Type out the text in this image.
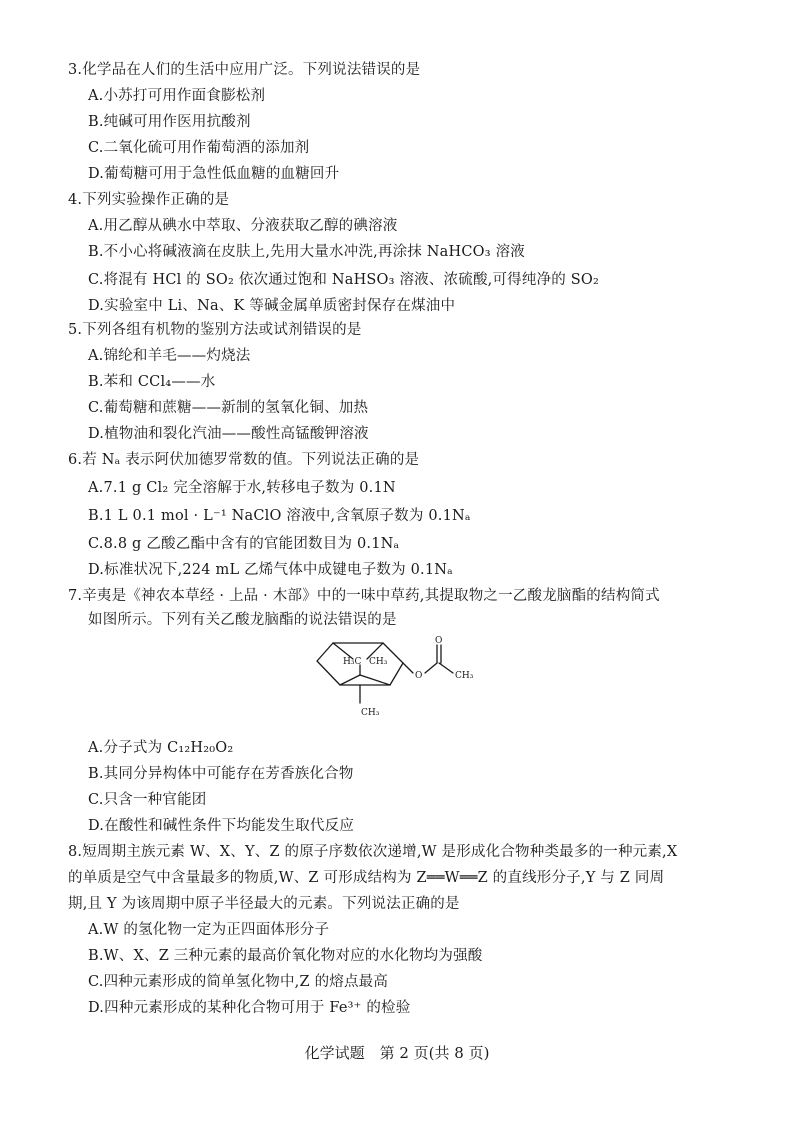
3.化学品在人们的生活中应用广泛。下列说法错误的是
A.小苏打可用作面食膨松剂
B.纯碱可用作医用抗酸剂
C.二氧化硫可用作葡萄酒的添加剂
D.葡萄糖可用于急性低血糖的血糖回升
4.下列实验操作正确的是
A.用乙醇从碘水中萃取、分液获取乙醇的碘溶液
B.不小心将碱液滴在皮肤上,先用大量水冲洗,再涂抹 NaHCO₃ 溶液
C.将混有 HCl 的 SO₂ 依次通过饱和 NaHSO₃ 溶液、浓硫酸,可得纯净的 SO₂
D.实验室中 Li、Na、K 等碱金属单质密封保存在煤油中
5.下列各组有机物的鉴别方法或试剂错误的是
A.锦纶和羊毛——灼烧法
B.苯和 CCl₄——水
C.葡萄糖和蔗糖——新制的氢氧化铜、加热
D.植物油和裂化汽油——酸性高锰酸钾溶液
6.若 Nₐ 表示阿伏加德罗常数的值。下列说法正确的是
A.7.1 g Cl₂ 完全溶解于水,转移电子数为 0.1N
B.1 L 0.1 mol · L⁻¹ NaClO 溶液中,含氧原子数为 0.1Nₐ
C.8.8 g 乙酸乙酯中含有的官能团数目为 0.1Nₐ
D.标准状况下,224 mL 乙烯气体中成键电子数为 0.1Nₐ
7.辛夷是《神农本草经 · 上品 · 木部》中的一味中草药,其提取物之一乙酸龙脑酯的结构简式
如图所示。下列有关乙酸龙脑酯的说法错误的是
H₃C CH₃
O
O
CH₃
CH₃
A.分子式为 C₁₂H₂₀O₂
B.其同分异构体中可能存在芳香族化合物
C.只含一种官能团
D.在酸性和碱性条件下均能发生取代反应
8.短周期主族元素 W、X、Y、Z 的原子序数依次递增,W 是形成化合物种类最多的一种元素,X
的单质是空气中含量最多的物质,W、Z 可形成结构为 Z══W══Z 的直线形分子,Y 与 Z 同周
期,且 Y 为该周期中原子半径最大的元素。下列说法正确的是
A.W 的氢化物一定为正四面体形分子
B.W、X、Z 三种元素的最高价氧化物对应的水化物均为强酸
C.四种元素形成的简单氢化物中,Z 的熔点最高
D.四种元素形成的某种化合物可用于 Fe³⁺ 的检验
化学试题　第 2 页(共 8 页)
